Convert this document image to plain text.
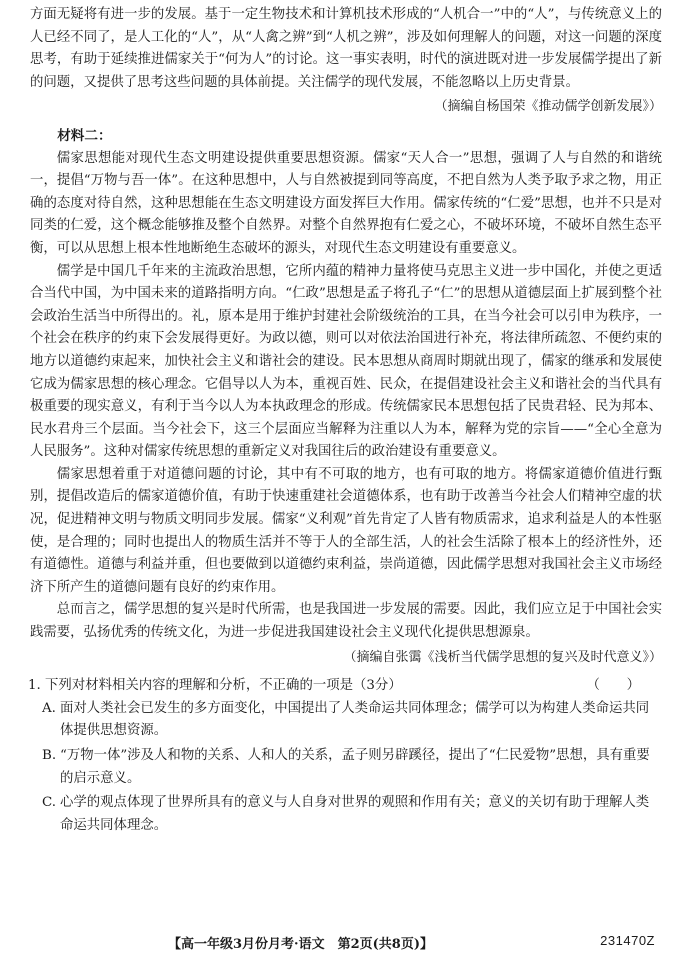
方面无疑将有进一步的发展。基于一定生物技术和计算机技术形成的“人机合一”中的“人”，与传统意义上的人已经不同了，是人工化的“人”，从“人禽之辨”到“人机之辨”，涉及如何理解人的问题，对这一问题的深度思考，有助于延续推进儒家关于“何为人”的讨论。这一事实表明，时代的演进既对进一步发展儒学提出了新的问题，又提供了思考这些问题的具体前提。关注儒学的现代发展，不能忽略以上历史背景。

（摘编自杨国荣《推动儒学创新发展》）

材料二：

儒家思想能对现代生态文明建设提供重要思想资源。儒家“天人合一”思想，强调了人与自然的和谐统一，提倡“万物与吾一体”。在这种思想中，人与自然被提到同等高度，不把自然为人类予取予求之物，用正确的态度对待自然，这种思想能在生态文明建设方面发挥巨大作用。儒家传统的“仁爱”思想，也并不只是对同类的仁爱，这个概念能够推及整个自然界。对整个自然界抱有仁爱之心，不破坏环境，不破坏自然生态平衡，可以从思想上根本性地断绝生态破坏的源头，对现代生态文明建设有重要意义。

儒学是中国几千年来的主流政治思想，它所内蕴的精神力量将使马克思主义进一步中国化，并使之更适合当代中国，为中国未来的道路指明方向。“仁政”思想是孟子将孔子“仁”的思想从道德层面上扩展到整个社会政治生活当中所得出的。礼，原本是用于维护封建社会阶级统治的工具，在当今社会可以引申为秩序，一个社会在秩序的约束下会发展得更好。为政以德，则可以对依法治国进行补充，将法律所疏忽、不便约束的地方以道德约束起来，加快社会主义和谐社会的建设。民本思想从商周时期就出现了，儒家的继承和发展使它成为儒家思想的核心理念。它倡导以人为本，重视百姓、民众，在提倡建设社会主义和谐社会的当代具有极重要的现实意义，有利于当今以人为本执政理念的形成。传统儒家民本思想包括了民贵君轻、民为邦本、民水君舟三个层面。当今社会下，这三个层面应当解释为注重以人为本，解释为党的宗旨——“全心全意为人民服务”。这种对儒家传统思想的重新定义对我国往后的政治建设有重要意义。

儒家思想着重于对道德问题的讨论，其中有不可取的地方，也有可取的地方。将儒家道德价值进行甄别，提倡改造后的儒家道德价值，有助于快速重建社会道德体系，也有助于改善当今社会人们精神空虚的状况，促进精神文明与物质文明同步发展。儒家“义利观”首先肯定了人皆有物质需求，追求利益是人的本性驱使，是合理的；同时也提出人的物质生活并不等于人的全部生活，人的社会生活除了根本上的经济性外，还有道德性。道德与利益并重，但也要做到以道德约束利益，崇尚道德，因此儒学思想对我国社会主义市场经济下所产生的道德问题有良好的约束作用。

总而言之，儒学思想的复兴是时代所需，也是我国进一步发展的需要。因此，我们应立足于中国社会实践需要，弘扬优秀的传统文化，为进一步促进我国建设社会主义现代化提供思想源泉。

（摘编自张霭《浅析当代儒学思想的复兴及时代意义》）

1. 下列对材料相关内容的理解和分析，不正确的一项是（3分）	（　　）

A. 面对人类社会已发生的多方面变化，中国提出了人类命运共同体理念；儒学可以为构建人类命运共同体提供思想资源。

B. “万物一体”涉及人和物的关系、人和人的关系，孟子则另辟蹊径，提出了“仁民爱物”思想，具有重要的启示意义。

C. 心学的观点体现了世界所具有的意义与人自身对世界的观照和作用有关；意义的关切有助于理解人类命运共同体理念。

【高一年级3月份月考·语文　第2页(共8页)】	231470Z
